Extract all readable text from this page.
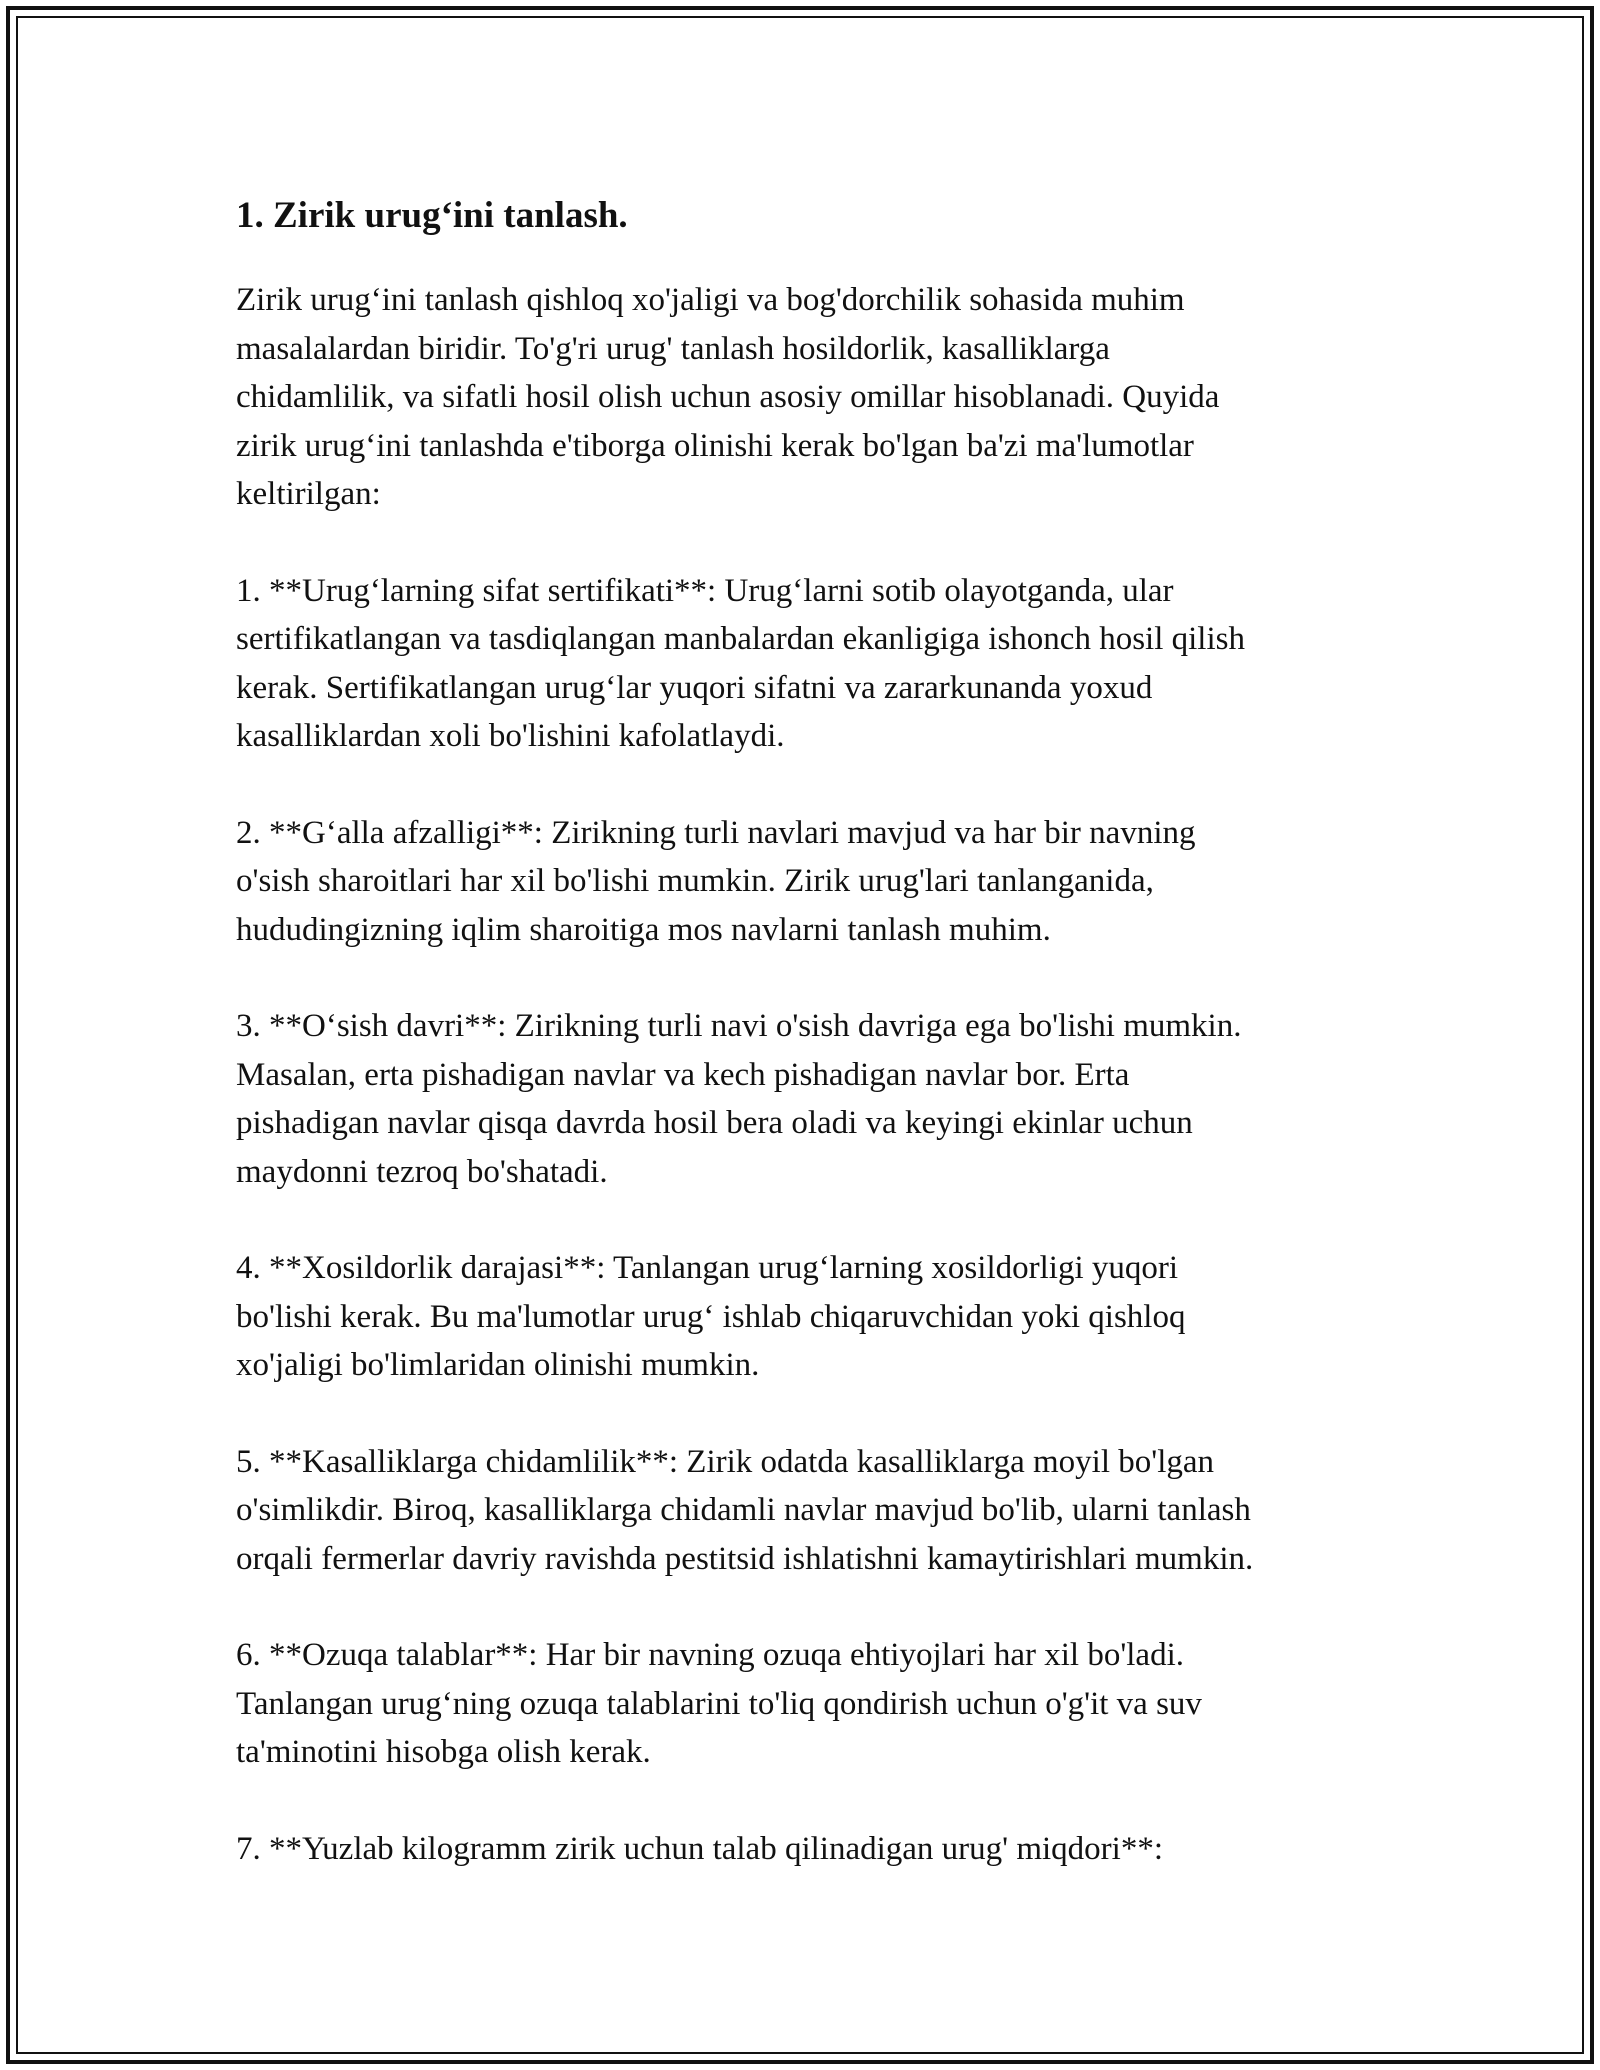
1. Zirik urug‘ini tanlash.

Zirik urug‘ini tanlash qishloq xo'jaligi va bog'dorchilik sohasida muhim
masalalardan biridir. To'g'ri urug' tanlash hosildorlik, kasalliklarga
chidamlilik, va sifatli hosil olish uchun asosiy omillar hisoblanadi. Quyida
zirik urug‘ini tanlashda e'tiborga olinishi kerak bo'lgan ba'zi ma'lumotlar
keltirilgan:

1. **Urug‘larning sifat sertifikati**: Urug‘larni sotib olayotganda, ular
sertifikatlangan va tasdiqlangan manbalardan ekanligiga ishonch hosil qilish
kerak. Sertifikatlangan urug‘lar yuqori sifatni va zararkunanda yoxud
kasalliklardan xoli bo'lishini kafolatlaydi.

2. **G‘alla afzalligi**: Zirikning turli navlari mavjud va har bir navning
o'sish sharoitlari har xil bo'lishi mumkin. Zirik urug'lari tanlanganida,
hududingizning iqlim sharoitiga mos navlarni tanlash muhim.

3. **O‘sish davri**: Zirikning turli navi o'sish davriga ega bo'lishi mumkin.
Masalan, erta pishadigan navlar va kech pishadigan navlar bor. Erta
pishadigan navlar qisqa davrda hosil bera oladi va keyingi ekinlar uchun
maydonni tezroq bo'shatadi.

4. **Xosildorlik darajasi**: Tanlangan urug‘larning xosildorligi yuqori
bo'lishi kerak. Bu ma'lumotlar urug‘ ishlab chiqaruvchidan yoki qishloq
xo'jaligi bo'limlaridan olinishi mumkin.

5. **Kasalliklarga chidamlilik**: Zirik odatda kasalliklarga moyil bo'lgan
o'simlikdir. Biroq, kasalliklarga chidamli navlar mavjud bo'lib, ularni tanlash
orqali fermerlar davriy ravishda pestitsid ishlatishni kamaytirishlari mumkin.

6. **Ozuqa talablar**: Har bir navning ozuqa ehtiyojlari har xil bo'ladi.
Tanlangan urug‘ning ozuqa talablarini to'liq qondirish uchun o'g'it va suv
ta'minotini hisobga olish kerak.

7. **Yuzlab kilogramm zirik uchun talab qilinadigan urug' miqdori**:
